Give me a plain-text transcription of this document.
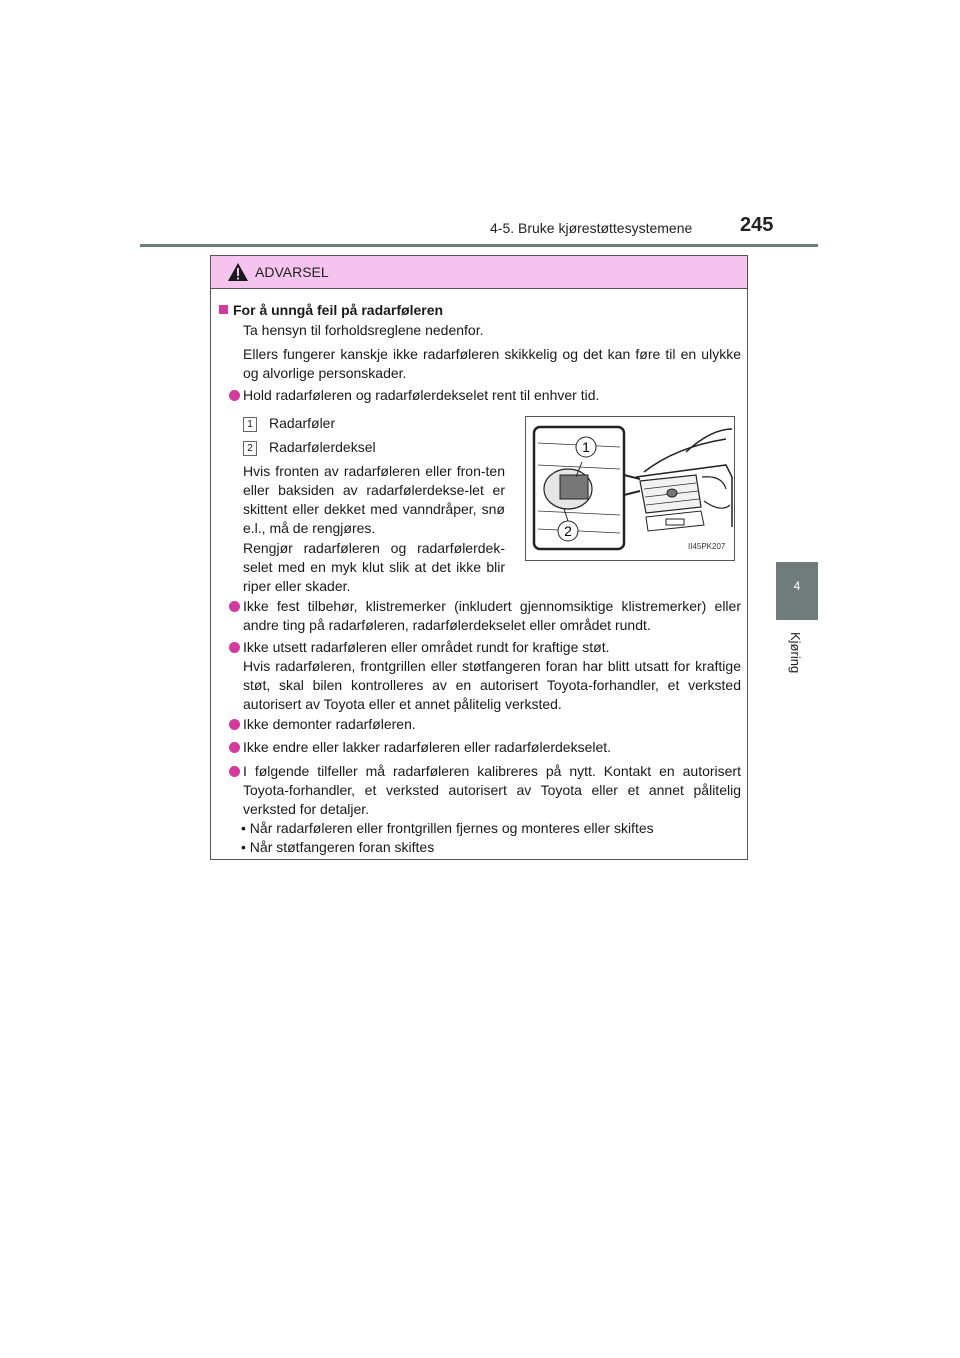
4-5. Bruke kjørestøttesystemene 245
4
Kjøring
ADVARSEL
For å unngå feil på radarføleren
Ta hensyn til forholdsreglene nedenfor.
Ellers fungerer kanskje ikke radarføleren skikkelig og det kan føre til en ulykke og alvorlige personskader.
Hold radarføleren og radarfølerdekselet rent til enhver tid.
1 Radarføler
2 Radarfølerdeksel
Hvis fronten av radarføleren eller fron-ten eller baksiden av radarfølerdekse-let er skittent eller dekket med vanndråper, snø e.l., må de rengjøres.
Rengjør radarføleren og radarfølerdek-selet med en myk klut slik at det ikke blir riper eller skader.
1
2
II45PK207
Ikke fest tilbehør, klistremerker (inkludert gjennomsiktige klistremerker) eller andre ting på radarføleren, radarfølerdekselet eller området rundt.
Ikke utsett radarføleren eller området rundt for kraftige støt.
Hvis radarføleren, frontgrillen eller støtfangeren foran har blitt utsatt for kraftige støt, skal bilen kontrolleres av en autorisert Toyota-forhandler, et verksted autorisert av Toyota eller et annet pålitelig verksted.
Ikke demonter radarføleren.
Ikke endre eller lakker radarføleren eller radarfølerdekselet.
I følgende tilfeller må radarføleren kalibreres på nytt. Kontakt en autorisert Toyota-forhandler, et verksted autorisert av Toyota eller et annet pålitelig verksted for detaljer.
• Når radarføleren eller frontgrillen fjernes og monteres eller skiftes
• Når støtfangeren foran skiftes
